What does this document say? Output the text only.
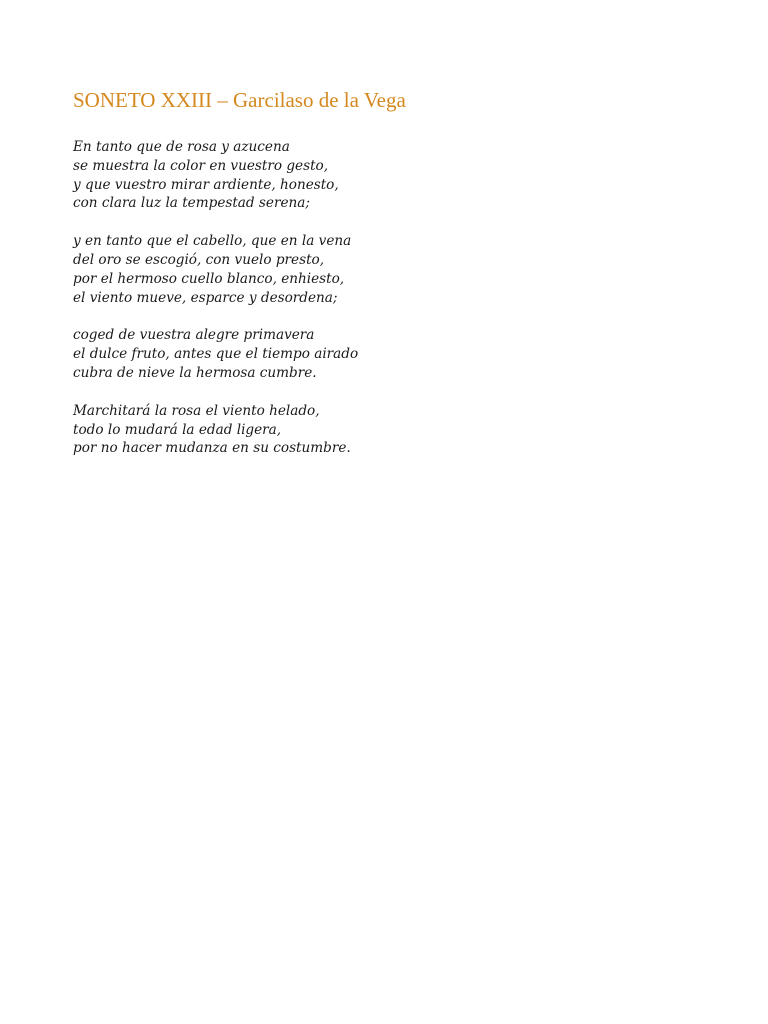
SONETO XXIII – Garcilaso de la Vega
En tanto que de rosa y azucena
se muestra la color en vuestro gesto,
y que vuestro mirar ardiente, honesto,
con clara luz la tempestad serena;
y en tanto que el cabello, que en la vena
del oro se escogió, con vuelo presto,
por el hermoso cuello blanco, enhiesto,
el viento mueve, esparce y desordena;
coged de vuestra alegre primavera
el dulce fruto, antes que el tiempo airado
cubra de nieve la hermosa cumbre.
Marchitará la rosa el viento helado,
todo lo mudará la edad ligera,
por no hacer mudanza en su costumbre.
